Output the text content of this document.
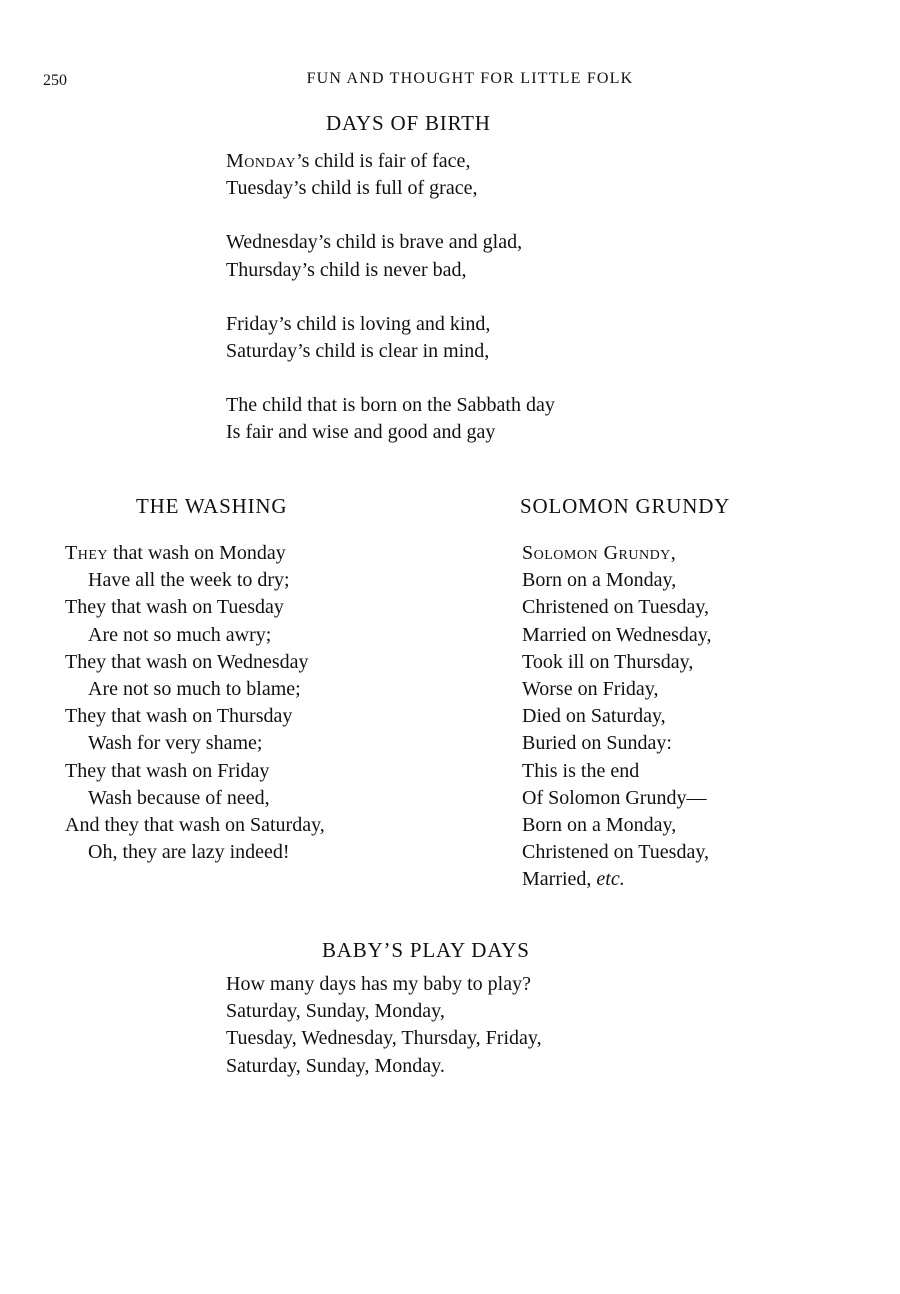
250	FUN AND THOUGHT FOR LITTLE FOLK
DAYS OF BIRTH
Monday’s child is fair of face,
Tuesday’s child is full of grace,
Wednesday’s child is brave and glad,
Thursday’s child is never bad,
Friday’s child is loving and kind,
Saturday’s child is clear in mind,
The child that is born on the Sabbath day
Is fair and wise and good and gay
THE WASHING
They that wash on Monday
Have all the week to dry;
They that wash on Tuesday
Are not so much awry;
They that wash on Wednesday
Are not so much to blame;
They that wash on Thursday
Wash for very shame;
They that wash on Friday
Wash because of need,
And they that wash on Saturday,
Oh, they are lazy indeed!
SOLOMON GRUNDY
Solomon Grundy,
Born on a Monday,
Christened on Tuesday,
Married on Wednesday,
Took ill on Thursday,
Worse on Friday,
Died on Saturday,
Buried on Sunday:
This is the end
Of Solomon Grundy—
Born on a Monday,
Christened on Tuesday,
Married, etc.
BABY’S PLAY DAYS
How many days has my baby to play?
Saturday, Sunday, Monday,
Tuesday, Wednesday, Thursday, Friday,
Saturday, Sunday, Monday.
